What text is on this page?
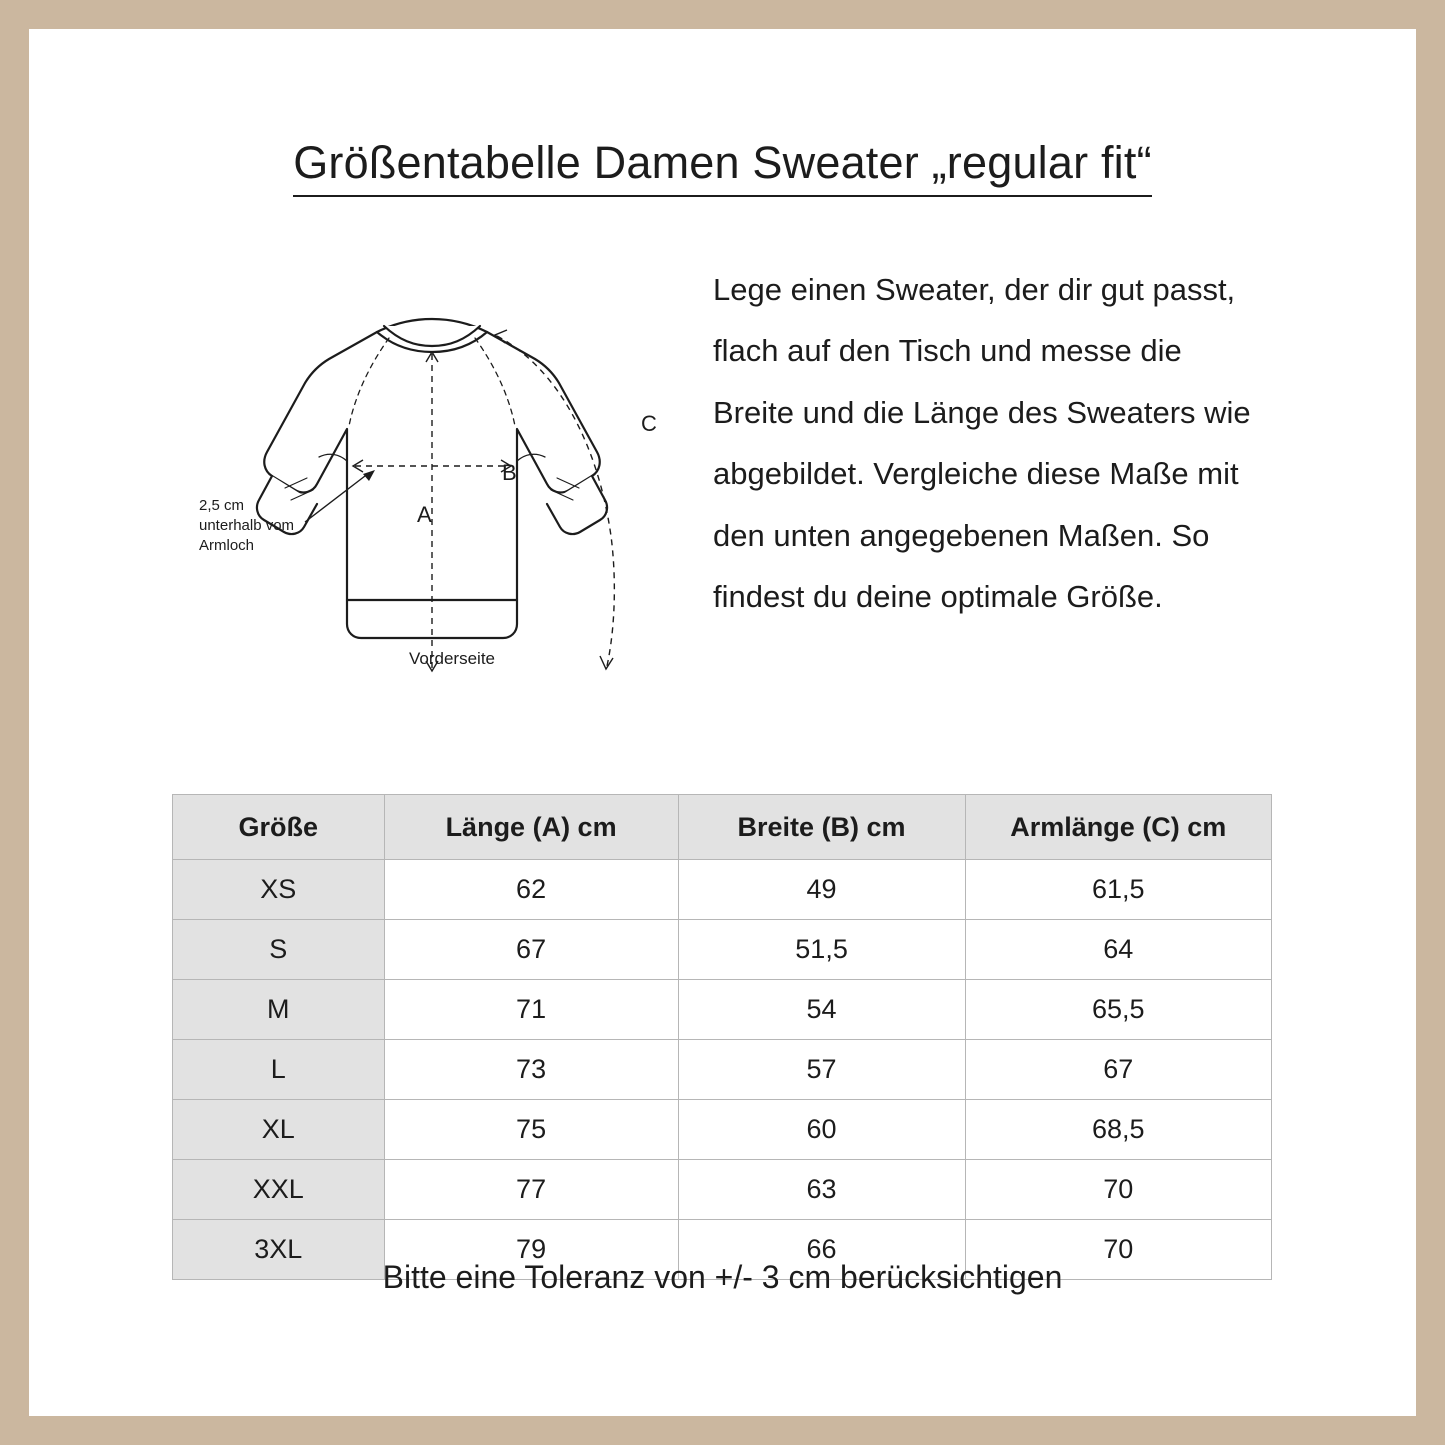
Größentabelle Damen Sweater „regular fit“
2,5 cm unterhalb vom Armloch
Vorderseite
A
B
C
Lege einen Sweater, der dir gut passt, flach auf den Tisch und messe die Breite und die Länge des Sweaters wie abgebildet. Vergleiche diese Maße mit den unten angegebenen Maßen. So findest du deine optimale Größe.
Größe	Länge (A) cm	Breite (B) cm	Armlänge (C) cm
XS	62	49	61,5
S	67	51,5	64
M	71	54	65,5
L	73	57	67
XL	75	60	68,5
XXL	77	63	70
3XL	79	66	70
Bitte eine Toleranz von +/- 3 cm berücksichtigen
